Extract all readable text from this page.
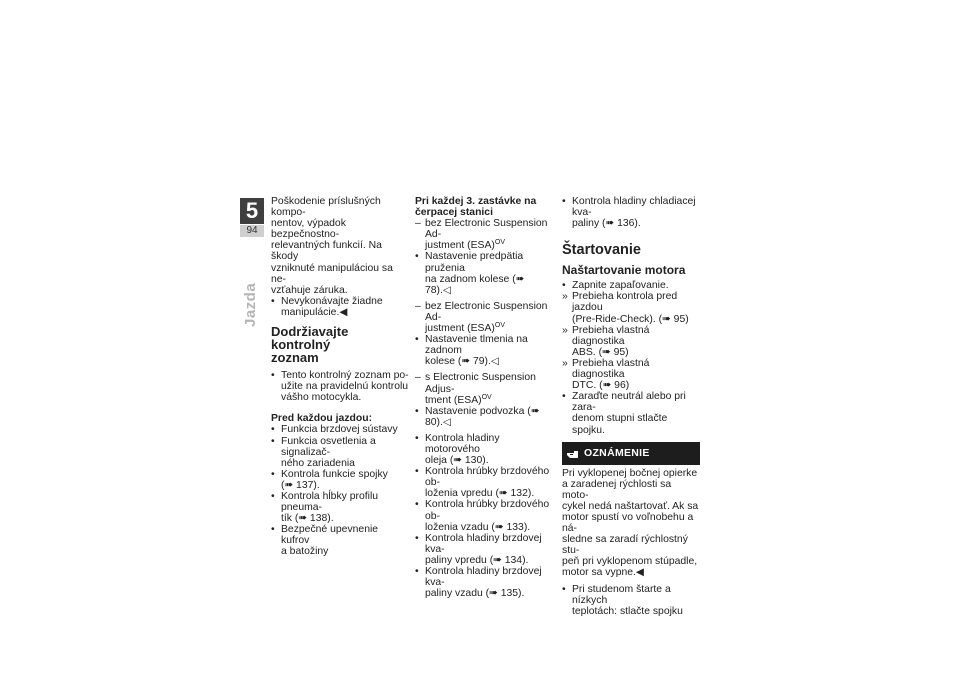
5
94
Jazda

Poškodenie príslušných kompo-

nentov, výpadok bezpečnostno-

relevantných funkcií. Na škody

vzniknuté manipuláciou sa ne-

vzťahuje záruka.

• Nevykonávajte žiadne

manipulácie.◀

Dodržiavajte kontrolný
zoznam
• Tento kontrolný zoznam po-

užite na pravidelnú kontrolu

vášho motocykla.

Pred každou jazdou:
• Funkcia brzdovej sústavy

• Funkcia osvetlenia a signalizač-

ného zariadenia

• Kontrola funkcie spojky

(➠ 137).

• Kontrola hĺbky profilu pneuma-

tík (➠ 138).

• Bezpečné upevnenie kufrov

a batožiny

Pri každej 3. zastávke na
čerpacej stanici
– bez Electronic Suspension Ad-

justment (ESA)$^{OV}$

• Nastavenie predpätia pruženia

na zadnom kolese (➠ 78).◁

– bez Electronic Suspension Ad-

justment (ESA)$^{OV}$

• Nastavenie tlmenia na zadnom

kolese (➠ 79).◁

– s Electronic Suspension Adjus-

tment (ESA)$^{OV}$

• Nastavenie podvozka (➠ 80).◁

• Kontrola hladiny motorového

oleja (➠ 130).

• Kontrola hrúbky brzdového ob-

loženia vpredu (➠ 132).

• Kontrola hrúbky brzdového ob-

loženia vzadu (➠ 133).

• Kontrola hladiny brzdovej kva-

paliny vpredu (➠ 134).

• Kontrola hladiny brzdovej kva-

paliny vzadu (➠ 135).

• Kontrola hladiny chladiacej kva-

paliny (➠ 136).

Štartovanie
Naštartovanie motora
• Zapnite zapaľovanie.

» Prebieha kontrola pred jazdou

(Pre-Ride-Check). (➠ 95)

» Prebieha vlastná diagnostika

ABS. (➠ 95)

» Prebieha vlastná diagnostika

DTC. (➠ 96)

• Zaraďte neutrál alebo pri zara-

denom stupni stlačte spojku.

OZNÁMENIE

Pri vyklopenej bočnej opierke

a zaradenej rýchlosti sa moto-

cykel nedá naštartovať. Ak sa

motor spustí vo voľnobehu a ná-

sledne sa zaradí rýchlostný stu-

peň pri vyklopenom stúpadle,

motor sa vypne.◀

• Pri studenom štarte a nízkych

teplotách: stlačte spojku
